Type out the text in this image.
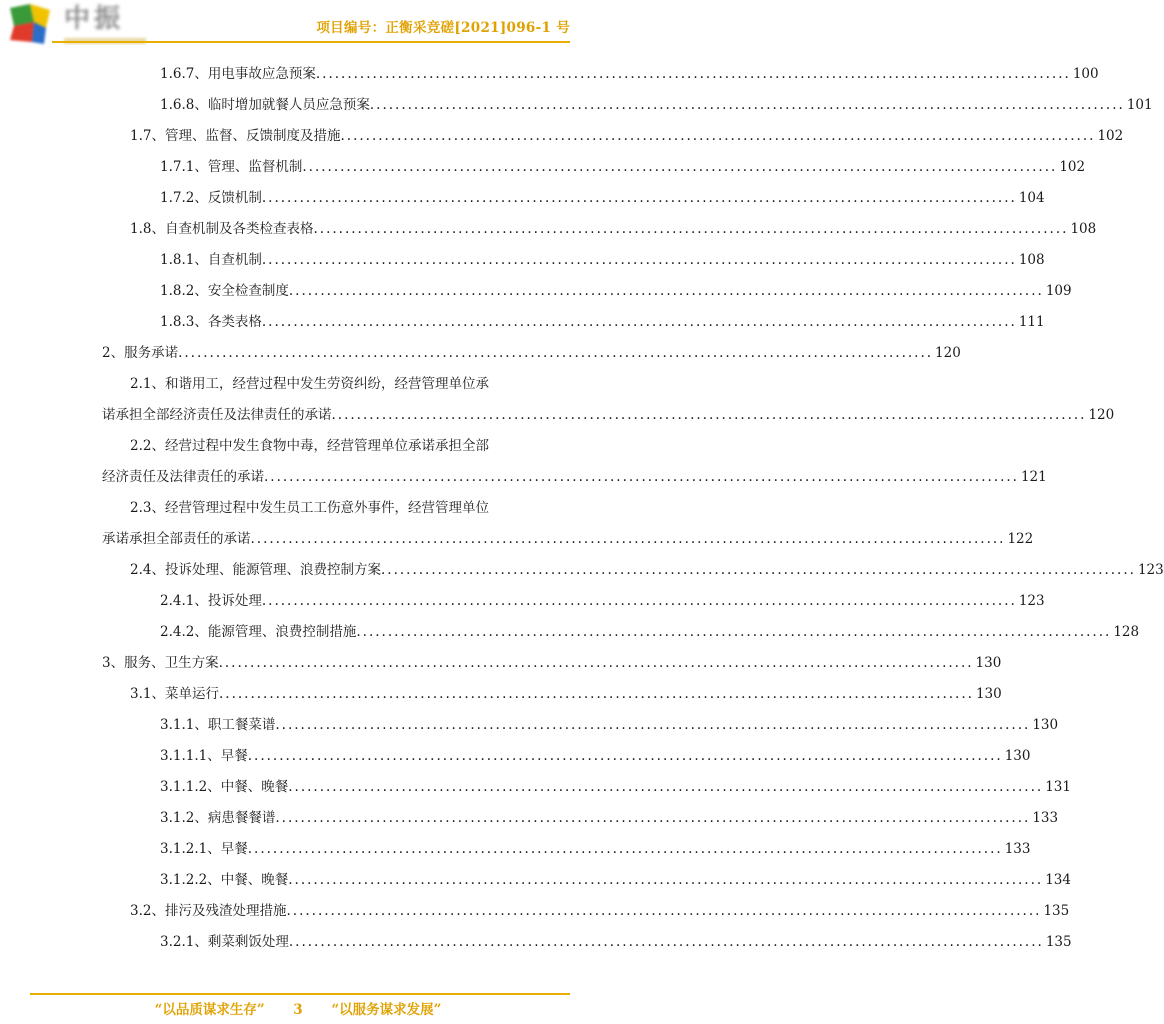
中 振	项目编号：正衡采竞磋[2021]096-1 号
1.6.7、用电事故应急预案 ........................................................................................................................ 100
1.6.8、临时增加就餐人员应急预案 ........................................................................................................................ 101
1.7、管理、监督、反馈制度及措施 ........................................................................................................................ 102
1.7.1、管理、监督机制 ........................................................................................................................ 102
1.7.2、反馈机制 ........................................................................................................................ 104
1.8、自查机制及各类检查表格 ........................................................................................................................ 108
1.8.1、自查机制 ........................................................................................................................ 108
1.8.2、安全检查制度 ........................................................................................................................ 109
1.8.3、各类表格 ........................................................................................................................ 111
2、服务承诺 ........................................................................................................................ 120
2.1、和谐用工，经营过程中发生劳资纠纷，经营管理单位承
诺承担全部经济责任及法律责任的承诺 ........................................................................................................................ 120
2.2、经营过程中发生食物中毒，经营管理单位承诺承担全部
经济责任及法律责任的承诺 ........................................................................................................................ 121
2.3、经营管理过程中发生员工工伤意外事件，经营管理单位
承诺承担全部责任的承诺 ........................................................................................................................ 122
2.4、投诉处理、能源管理、浪费控制方案 ........................................................................................................................ 123
2.4.1、投诉处理 ........................................................................................................................ 123
2.4.2、能源管理、浪费控制措施 ........................................................................................................................ 128
3、服务、卫生方案 ........................................................................................................................ 130
3.1、菜单运行 ........................................................................................................................ 130
3.1.1、职工餐菜谱 ........................................................................................................................ 130
3.1.1.1、早餐 ........................................................................................................................ 130
3.1.1.2、中餐、晚餐 ........................................................................................................................ 131
3.1.2、病患餐餐谱 ........................................................................................................................ 133
3.1.2.1、早餐 ........................................................................................................................ 133
3.1.2.2、中餐、晚餐 ........................................................................................................................ 134
3.2、排污及残渣处理措施 ........................................................................................................................ 135
3.2.1、剩菜剩饭处理 ........................................................................................................................ 135
“以品质谋求生存” 3 “以服务谋求发展”
